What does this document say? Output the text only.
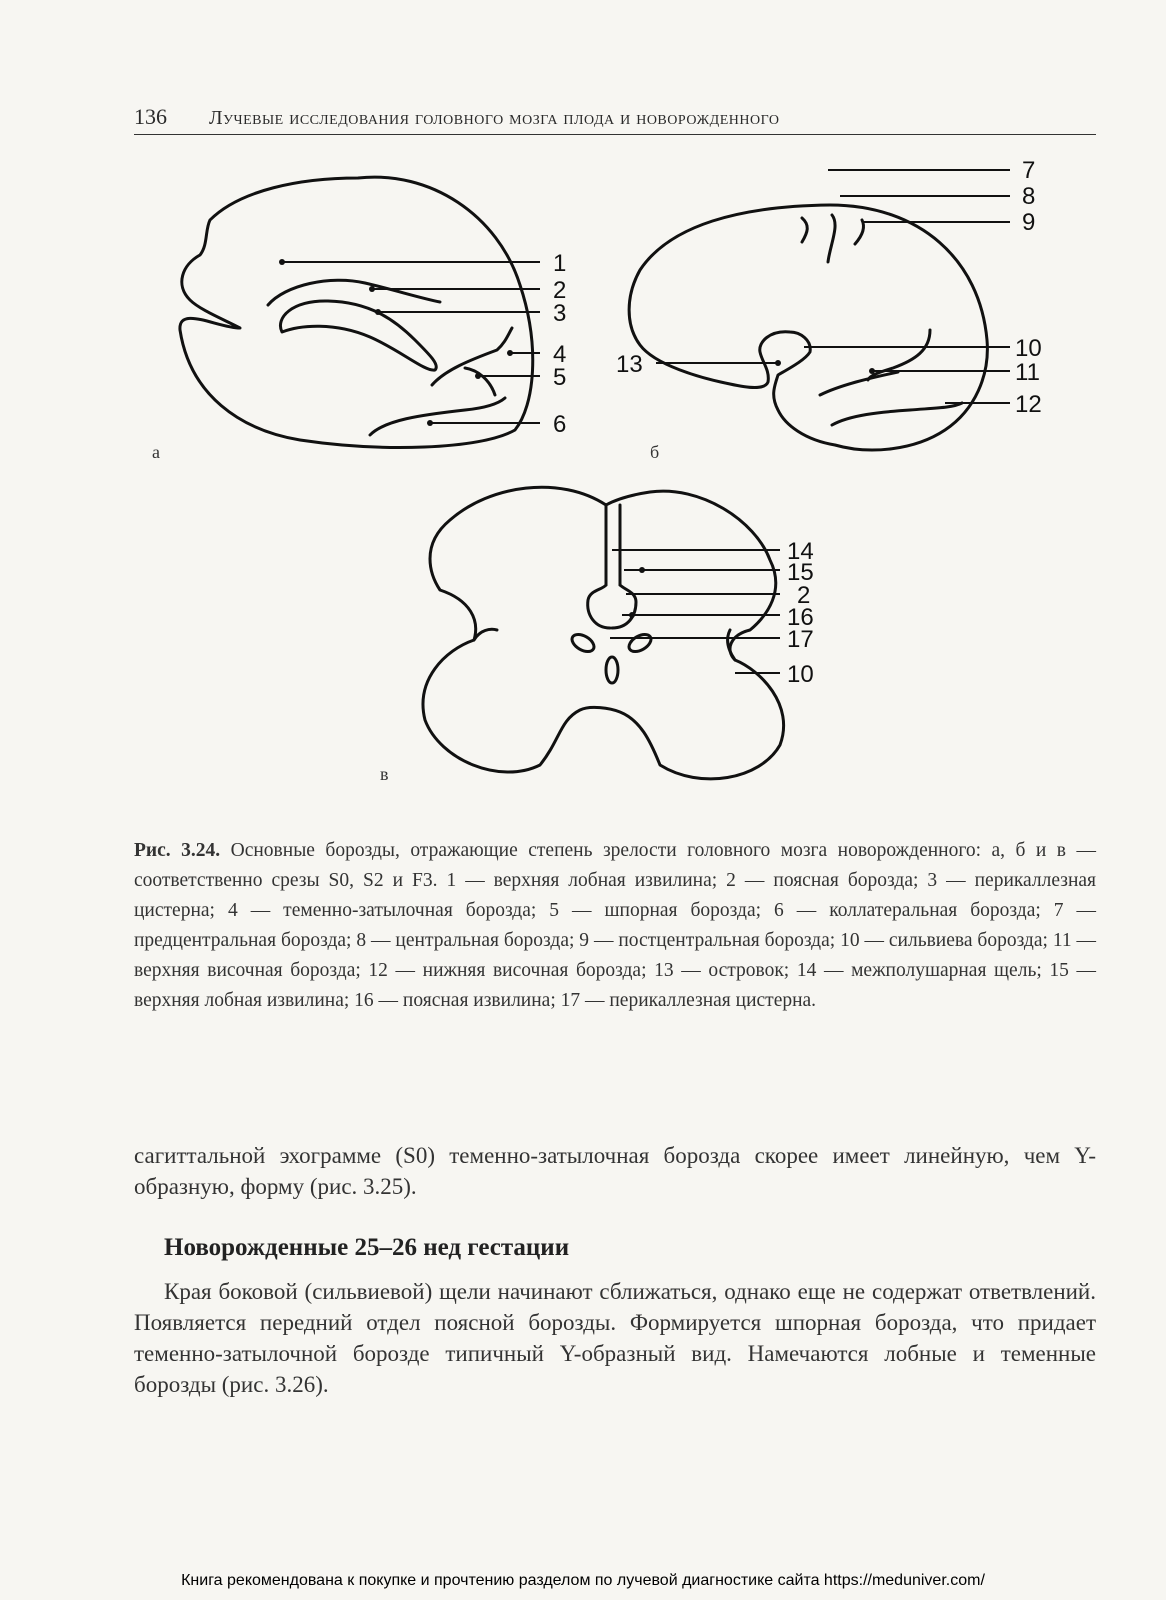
136 Лучевые исследования головного мозга плода и новорожденного
1
2
3
4
5
6
7
8
9
10
11
12
13
14
15
2
16
17
10
а	б
в
Рис. 3.24. Основные борозды, отражающие степень зрелости головного мозга новорожденного: а, б и в — соответственно срезы S0, S2 и F3. 1 — верхняя лобная извилина; 2 — поясная борозда; 3 — перикаллезная цистерна; 4 — теменно-затылочная борозда; 5 — шпорная борозда; 6 — коллатеральная борозда; 7 — предцентральная борозда; 8 — центральная борозда; 9 — постцентральная борозда; 10 — сильвиева борозда; 11 — верхняя височная борозда; 12 — нижняя височная борозда; 13 — островок; 14 — межполушарная щель; 15 — верхняя лобная извилина; 16 — поясная извилина; 17 — перикаллезная цистерна.
сагиттальной эхограмме (S0) теменно-затылочная борозда скорее имеет линейную, чем Y-образную, форму (рис. 3.25).
Новорожденные 25–26 нед гестации
Края боковой (сильвиевой) щели начинают сближаться, однако еще не содержат ответвлений. Появляется передний отдел поясной борозды. Формируется шпорная борозда, что придает теменно-затылочной борозде типичный Y-образный вид. Намечаются лобные и теменные борозды (рис. 3.26).
Книга рекомендована к покупке и прочтению разделом по лучевой диагностике сайта https://meduniver.com/
